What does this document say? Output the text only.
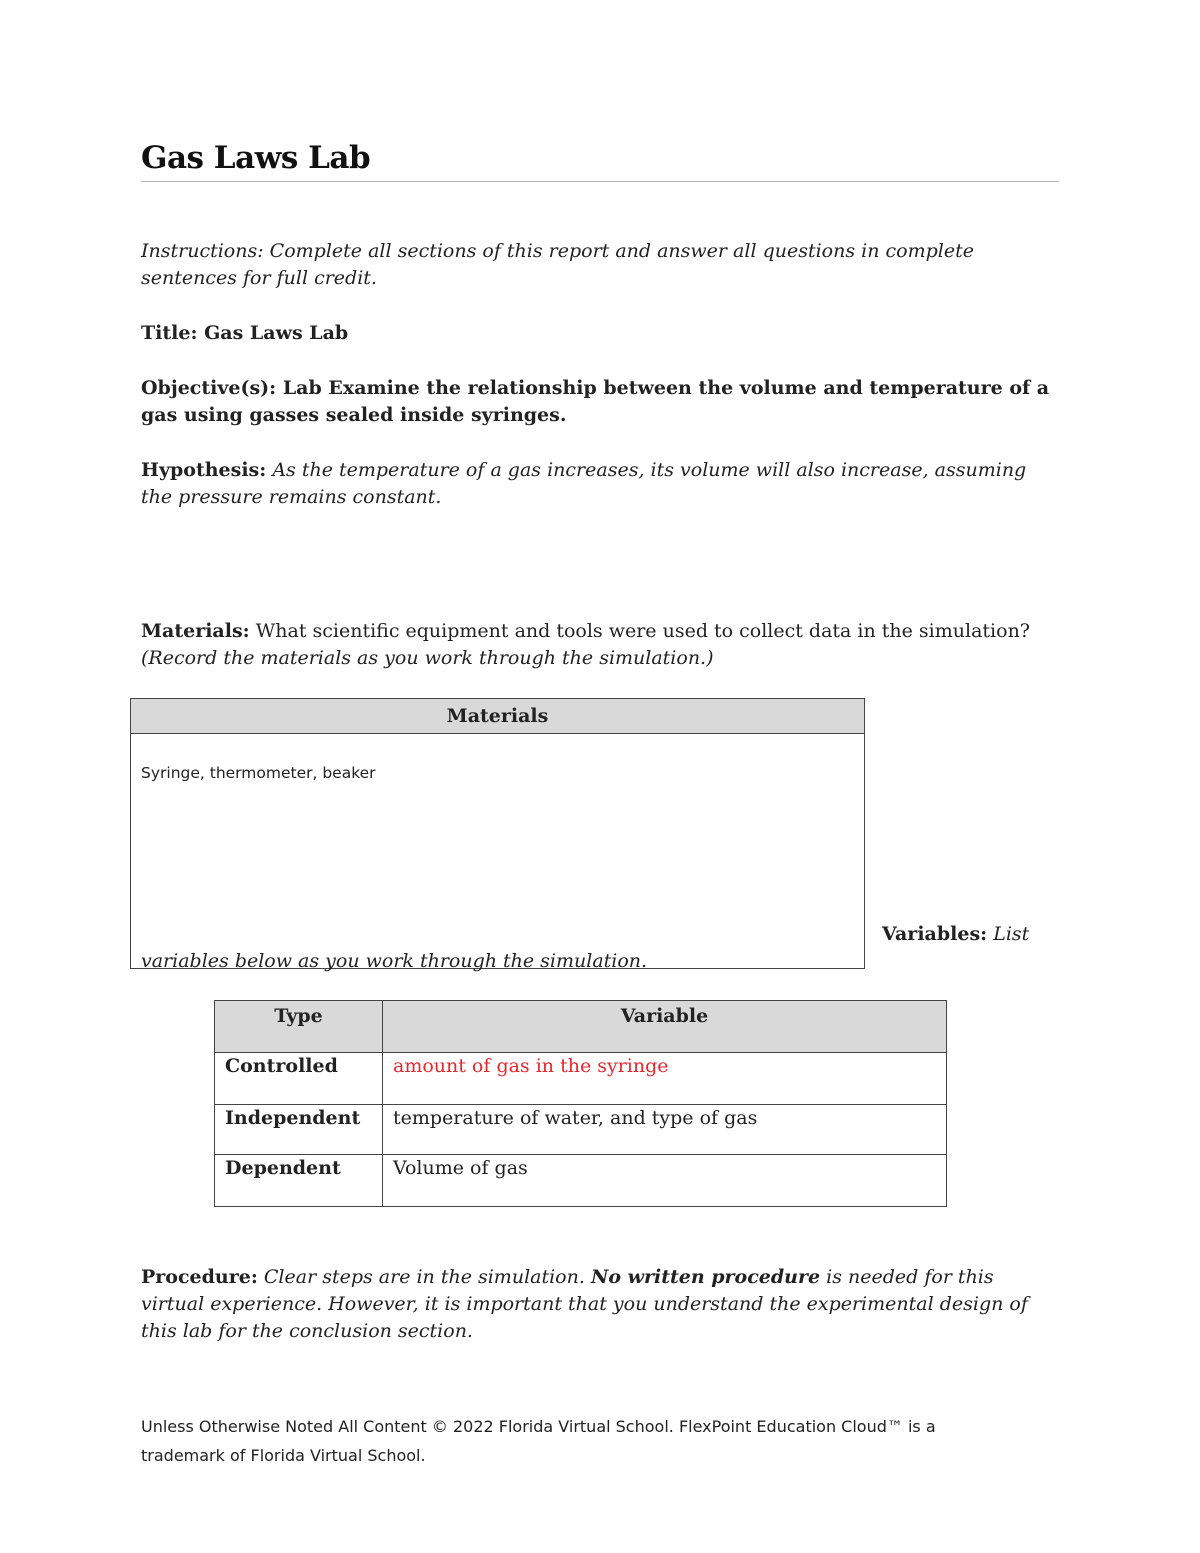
Gas Laws Lab
Instructions: Complete all sections of this report and answer all questions in complete sentences for full credit.
Title: Gas Laws Lab
Objective(s): Lab Examine the relationship between the volume and temperature of a gas using gasses sealed inside syringes.
Hypothesis: As the temperature of a gas increases, its volume will also increase, assuming the pressure remains constant.
Materials: What scientific equipment and tools were used to collect data in the simulation?
(Record the materials as you work through the simulation.)
Materials
Syringe, thermometer, beaker
Variables: List
variables below as you work through the simulation.
Type	Variable
Controlled	amount of gas in the syringe
Independent	temperature of water, and type of gas
Dependent	Volume of gas
Procedure: Clear steps are in the simulation. No written procedure is needed for this virtual experience. However, it is important that you understand the experimental design of this lab for the conclusion section.
Unless Otherwise Noted All Content © 2022 Florida Virtual School. FlexPoint Education Cloud™ is a
trademark of Florida Virtual School.
